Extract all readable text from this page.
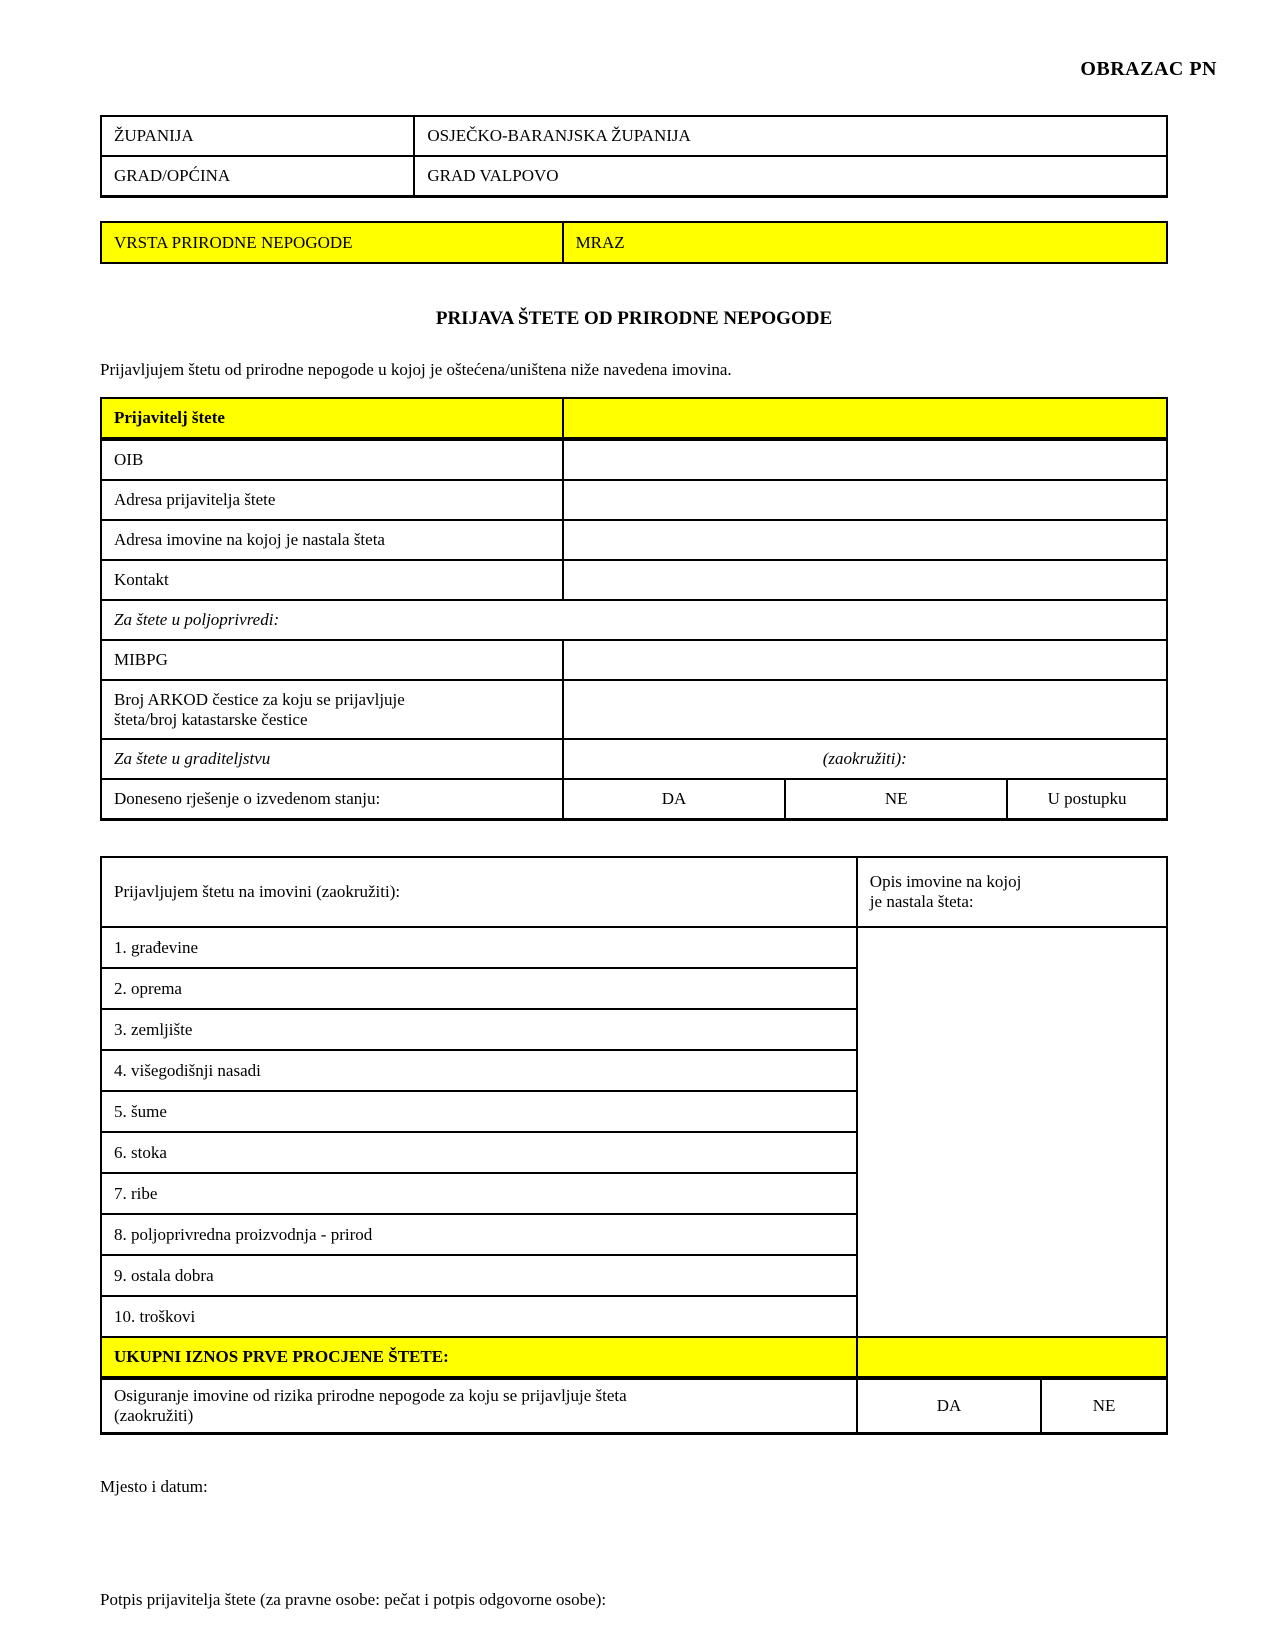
OBRAZAC PN
ŽUPANIJA	OSJEČKO-BARANJSKA ŽUPANIJA
GRAD/OPĆINA	GRAD VALPOVO
VRSTA PRIRODNE NEPOGODE	MRAZ
PRIJAVA ŠTETE OD PRIRODNE NEPOGODE
Prijavljujem štetu od prirodne nepogode u kojoj je oštećena/uništena niže navedena imovina.
Prijavitelj štete			
OIB			
Adresa prijavitelja štete			
Adresa imovine na kojoj je nastala šteta			
Kontakt			
Za štete u poljoprivredi:			
MIBPG			

Broj ARKOD čestice za koju se prijavljuje
šteta/broj katastarske čestice			

Za štete u graditeljstvu	(zaokružiti):		
Doneseno rješenje o izvedenom stanju:	DA	NE	U postupku
Prijavljujem štetu na imovini (zaokružiti):	Opis imovine na kojoj
je nastala šteta:	

1. građevine		
2. oprema		
3. zemljište		
4. višegodišnji nasadi		
5. šume		
6. stoka		
7. ribe		
8. poljoprivredna proizvodnja - prirod		
9. ostala dobra		
10. troškovi		
UKUPNI IZNOS PRVE PROCJENE ŠTETE:		

Osiguranje imovine od rizika prirodne nepogode za koju se prijavljuje šteta
(zaokružiti)	DA	NE
Mjesto i datum:
Potpis prijavitelja štete (za pravne osobe: pečat i potpis odgovorne osobe):
